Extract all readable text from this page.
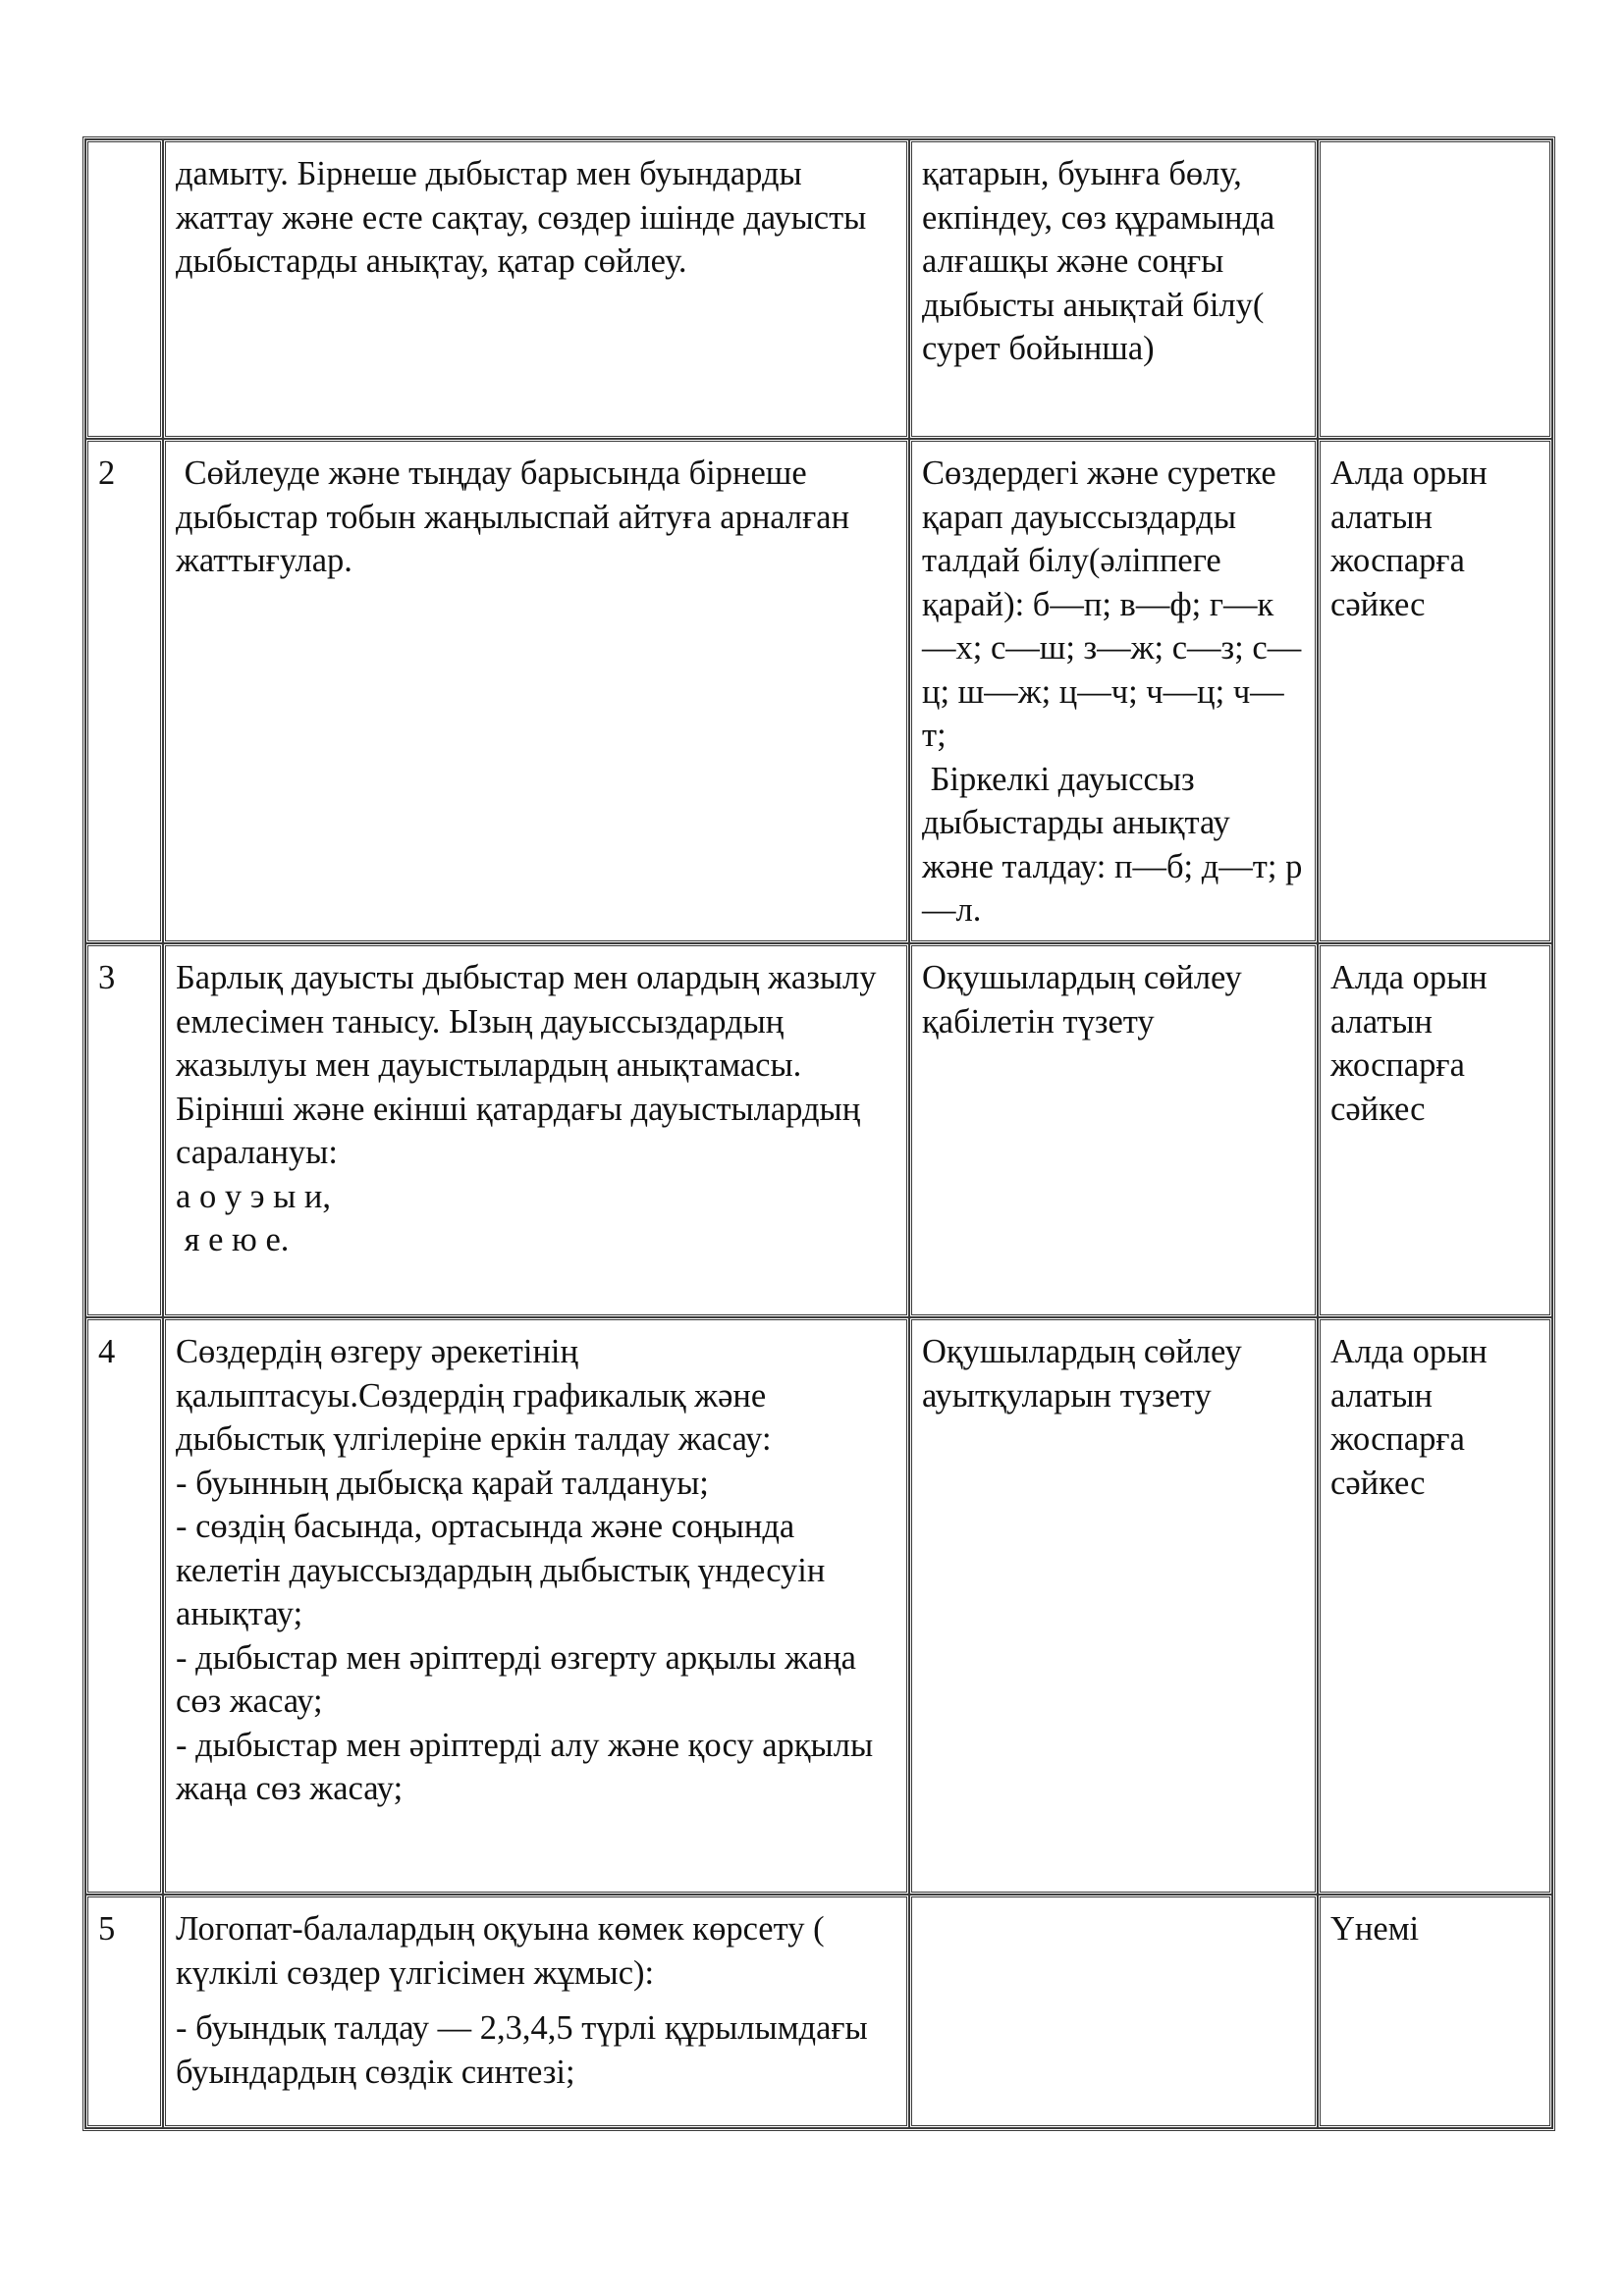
	дамыту. Бірнеше дыбыстар мен буындарды жаттау және есте сақтау, сөздер ішінде дауысты дыбыстарды анықтау, қатар сөйлеу.	қатарын, буынға бөлу, екпіндеу, сөз құрамында алғашқы және соңғы дыбысты анықтай білу( сурет бойынша)	

2	Сөйлеуде және тыңдау барысында бірнеше дыбыстар тобын жаңылыспай айтуға арналған жаттығулар.	Сөздердегі және суретке қарап дауыссыздарды талдай білу(әліппеге қарай): б—п; в—ф; г—к—х; с—ш; з—ж; с—з; с—ц; ш—ж; ц—ч; ч—ц; ч—т;
Біркелкі дауыссыз дыбыстарды анықтау және талдау: п—б; д—т; р—л.	Алда орын алатын жоспарға сәйкес

3	Барлық дауысты дыбыстар мен олардың жазылу емлесімен танысу. Ызың дауыссыздардың жазылуы мен дауыстылардың анықтамасы. Бірінші және екінші қатардағы дауыстылардың саралануы:
а о у э ы и,
я е ю е.	Оқушылардың сөйлеу қабілетін түзету	Алда орын алатын жоспарға сәйкес

4	Сөздердің өзгеру әрекетінің қалыптасуы.Сөздердің графикалық және дыбыстық үлгілеріне еркін талдау жасау:
- буынның дыбысқа қарай талдануы;
- сөздің басында, ортасында және соңында келетін дауыссыздардың дыбыстық үндесуін анықтау;
- дыбыстар мен әріптерді өзгерту арқылы жаңа сөз жасау;
- дыбыстар мен әріптерді алу және қосу арқылы жаңа сөз жасау;	Оқушылардың сөйлеу ауытқуларын түзету	Алда орын алатын жоспарға сәйкес

5	Логопат-балалардың оқуына көмек көрсету ( күлкілі сөздер үлгісімен жұмыс):

- буындық талдау — 2,3,4,5 түрлі құрылымдағы буындардың сөздік синтезі;		Үнемі
